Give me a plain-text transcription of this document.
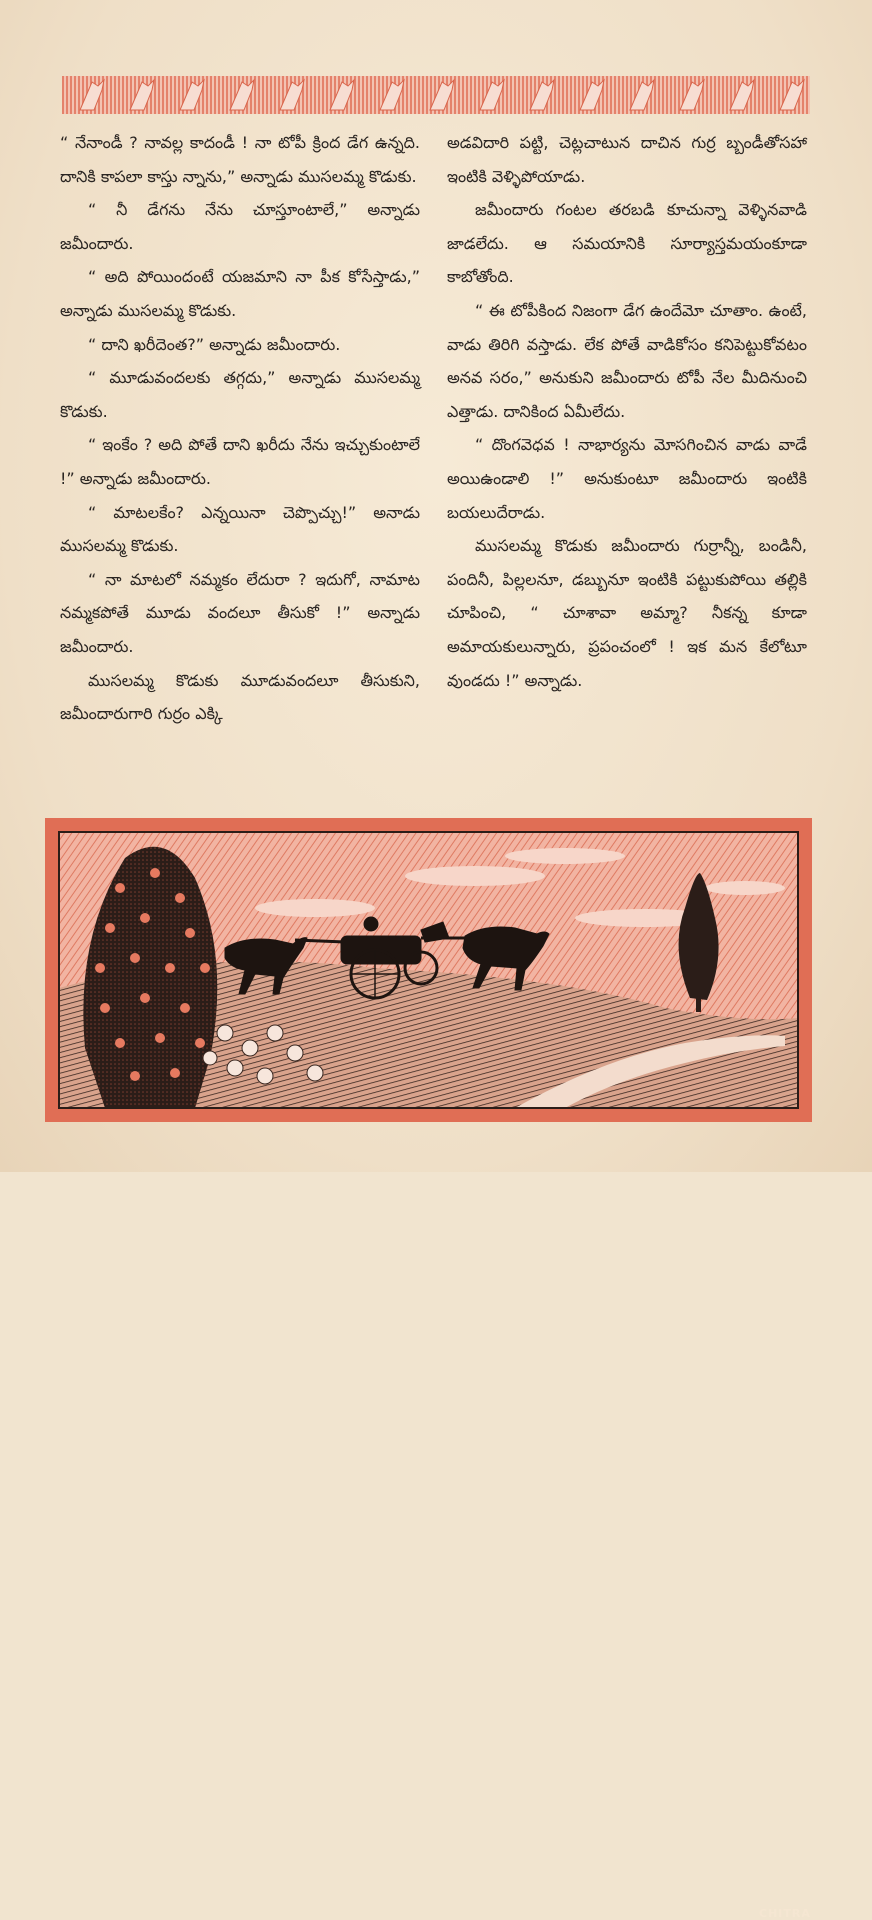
“ నేనాండీ ? నావల్ల కాదండీ ! నా టోపీ క్రింద డేగ ఉన్నది. దానికి కాపలా కాస్తు న్నాను,” అన్నాడు ముసలమ్మ కొడుకు.

“ నీ డేగను నేను చూస్తూంటాలే,” అన్నాడు జమీందారు.

“ అది పోయిందంటే యజమాని నా పీక కోసేస్తాడు,” అన్నాడు ముసలమ్మ కొడుకు.

“ దాని ఖరీదెంత?” అన్నాడు జమీందారు.

“ మూడువందలకు తగ్గదు,” అన్నాడు ముసలమ్మ కొడుకు.

“ ఇంకేం ? అది పోతే దాని ఖరీదు నేను ఇచ్చుకుంటాలే !” అన్నాడు జమీందారు.

“ మాటలకేం? ఎన్నయినా చెప్పొచ్చు!” అనాడు ముసలమ్మ కొడుకు.

“ నా మాటలో నమ్మకం లేదురా ? ఇదుగో, నామాట నమ్మకపోతే మూడు వందలూ తీసుకో !” అన్నాడు జమీందారు.

ముసలమ్మ కొడుకు మూడువందలూ తీసుకుని, జమీందారుగారి గుర్రం ఎక్కి

అడవిదారి పట్టి, చెట్లచాటున దాచిన గుర్ర బ్బండీతోసహా ఇంటికి వెళ్ళిపోయాడు.

జమీందారు గంటల తరబడి కూచున్నా వెళ్ళినవాడి జాడలేదు. ఆ సమయానికి సూర్యాస్తమయంకూడా కాబోతోంది.

“ ఈ టోపీకింద నిజంగా డేగ ఉందేమో చూతాం. ఉంటే, వాడు తిరిగి వస్తాడు. లేక పోతే వాడికోసం కనిపెట్టుకోవటం అనవ సరం,” అనుకుని జమీందారు టోపీ నేల మీదినుంచి ఎత్తాడు. దానికింద ఏమీలేదు.

“ దొంగవెధవ ! నాభార్యను మోసగించిన వాడు వాడే అయిఉండాలి !” అనుకుంటూ జమీందారు ఇంటికి బయలుదేరాడు.

ముసలమ్మ కొడుకు జమీందారు గుర్రాన్నీ, బండినీ, పందినీ, పిల్లలనూ, డబ్బునూ ఇంటికి పట్టుకుపోయి తల్లికి చూపించి, “ చూశావా అమ్మా? నీకన్న కూడా అమాయకులున్నారు, ప్రపంచంలో ! ఇక మన కేలోటూ వుండదు !” అన్నాడు.

CHITRA
